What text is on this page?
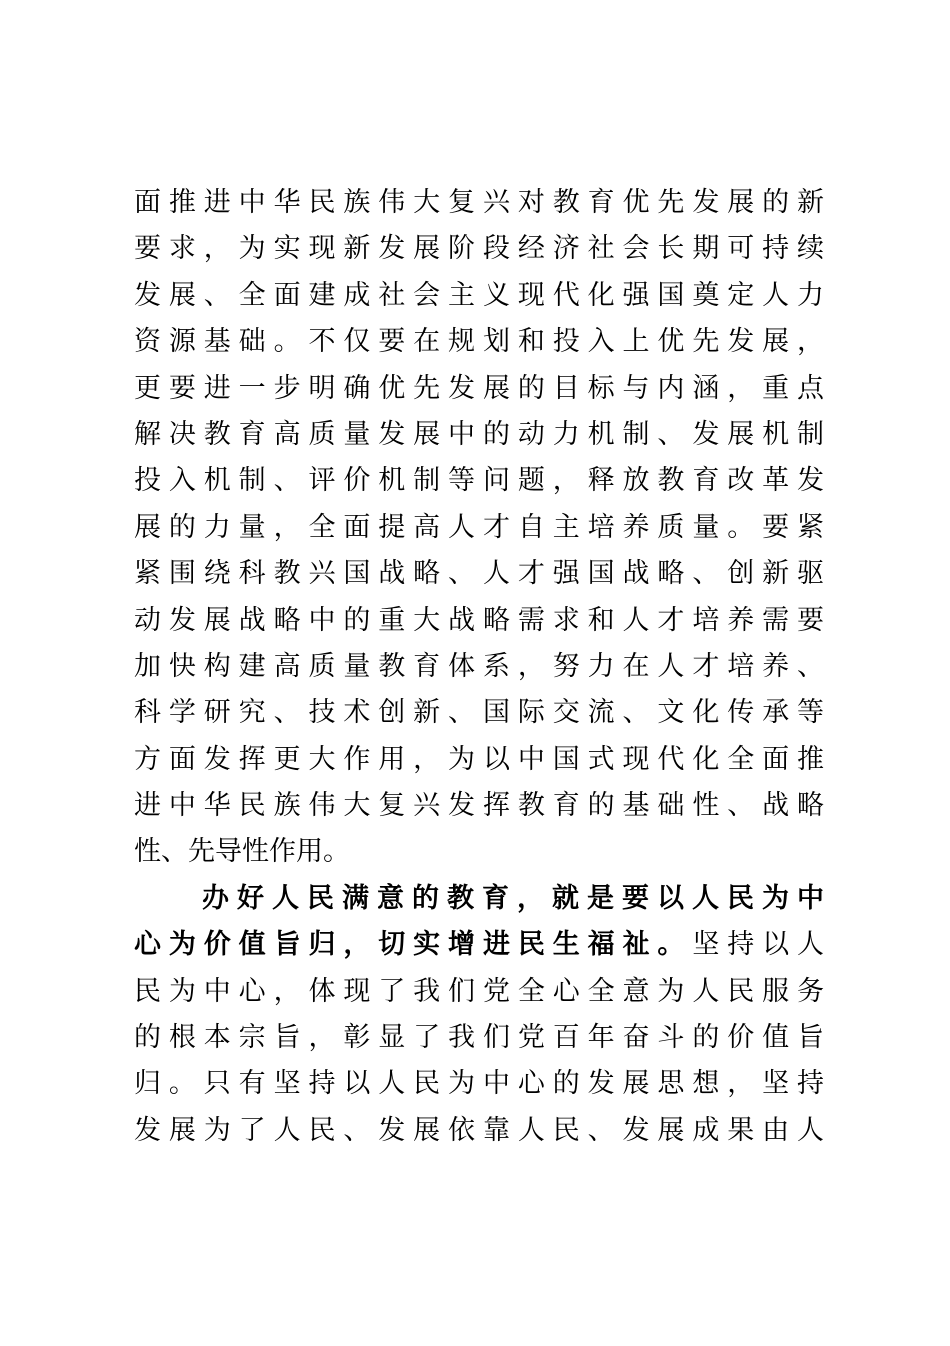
面推进中华民族伟大复兴对教育优先发展的新
要求，为实现新发展阶段经济社会长期可持续
发展、全面建成社会主义现代化强国奠定人力
资源基础。不仅要在规划和投入上优先发展，
更要进一步明确优先发展的目标与内涵，重点
解决教育高质量发展中的动力机制、发展机制
投入机制、评价机制等问题，释放教育改革发
展的力量，全面提高人才自主培养质量。要紧
紧围绕科教兴国战略、人才强国战略、创新驱
动发展战略中的重大战略需求和人才培养需要
加快构建高质量教育体系，努力在人才培养、
科学研究、技术创新、国际交流、文化传承等
方面发挥更大作用，为以中国式现代化全面推
进中华民族伟大复兴发挥教育的基础性、战略
性、先导性作用。
办好人民满意的教育，就是要以人民为中
心为价值旨归，切实增进民生福祉。坚持以人
民为中心，体现了我们党全心全意为人民服务
的根本宗旨，彰显了我们党百年奋斗的价值旨
归。只有坚持以人民为中心的发展思想，坚持
发展为了人民、发展依靠人民、发展成果由人
